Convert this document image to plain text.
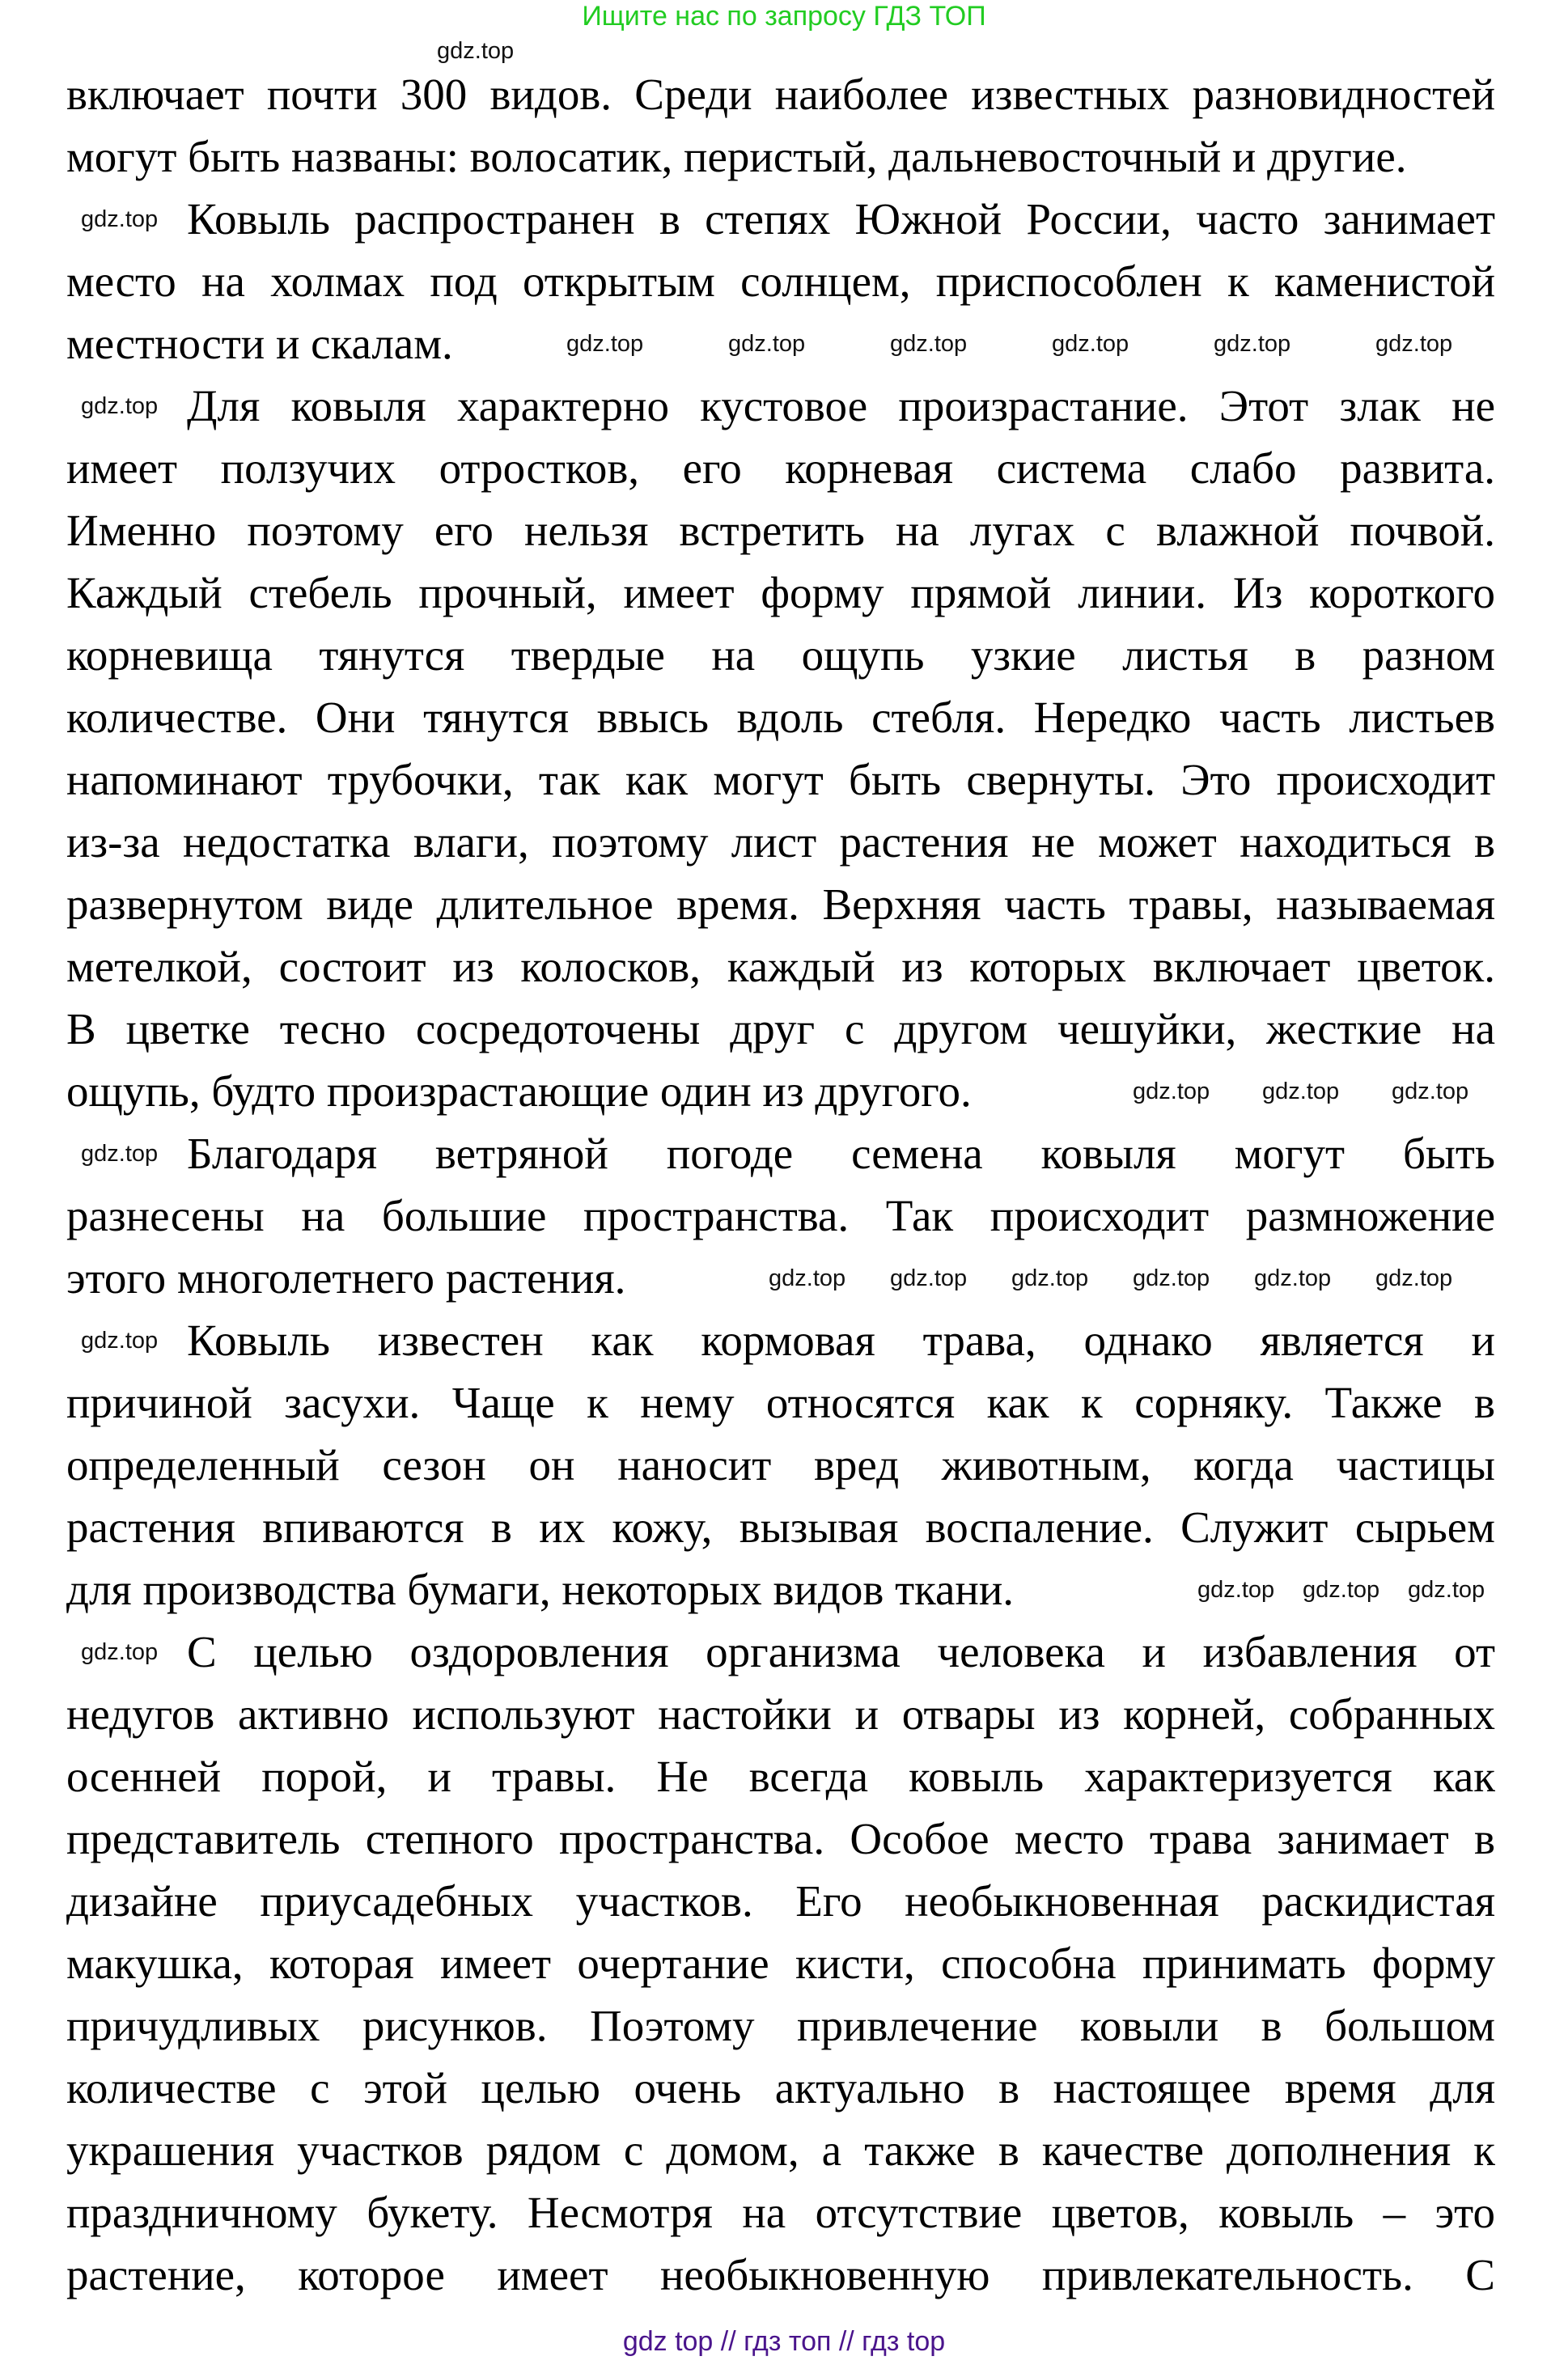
Ищите нас по запросу ГДЗ ТОП
включает почти 300 видов. Среди наиболее известных разновидностей
могут быть названы: волосатик, перистый, дальневосточный и другие.
Ковыль распространен в степях Южной России, часто занимает
место на холмах под открытым солнцем, приспособлен к каменистой
местности и скалам.
Для ковыля характерно кустовое произрастание. Этот злак не
имеет ползучих отростков, его корневая система слабо развита.
Именно поэтому его нельзя встретить на лугах с влажной почвой.
Каждый стебель прочный, имеет форму прямой линии. Из короткого
корневища тянутся твердые на ощупь узкие листья в разном
количестве. Они тянутся ввысь вдоль стебля. Нередко часть листьев
напоминают трубочки, так как могут быть свернуты. Это происходит
из-за недостатка влаги, поэтому лист растения не может находиться в
развернутом виде длительное время. Верхняя часть травы, называемая
метелкой, состоит из колосков, каждый из которых включает цветок.
В цветке тесно сосредоточены друг с другом чешуйки, жесткие на
ощупь, будто произрастающие один из другого.
Благодаря ветряной погоде семена ковыля могут быть
разнесены на большие пространства. Так происходит размножение
этого многолетнего растения.
Ковыль известен как кормовая трава, однако является и
причиной засухи. Чаще к нему относятся как к сорняку. Также в
определенный сезон он наносит вред животным, когда частицы
растения впиваются в их кожу, вызывая воспаление. Служит сырьем
для производства бумаги, некоторых видов ткани.
С целью оздоровления организма человека и избавления от
недугов активно используют настойки и отвары из корней, собранных
осенней порой, и травы. Не всегда ковыль характеризуется как
представитель степного пространства. Особое место трава занимает в
дизайне приусадебных участков. Его необыкновенная раскидистая
макушка, которая имеет очертание кисти, способна принимать форму
причудливых рисунков. Поэтому привлечение ковыли в большом
количестве с этой целью очень актуально в настоящее время для
украшения участков рядом с домом, а также в качестве дополнения к
праздничному букету. Несмотря на отсутствие цветов, ковыль – это
растение, которое имеет необыкновенную привлекательность. С
gdz.top
gdz.top
gdz.top
gdz.top
gdz.top
gdz.top
gdz.top	gdz.top	gdz.top	gdz.top	gdz.top	gdz.top
gdz.top gdz.top gdz.top
gdz.top gdz.top gdz.top gdz.top gdz.top gdz.top
gdz.top gdz.top gdz.top
gdz top // гдз топ // гдз top
